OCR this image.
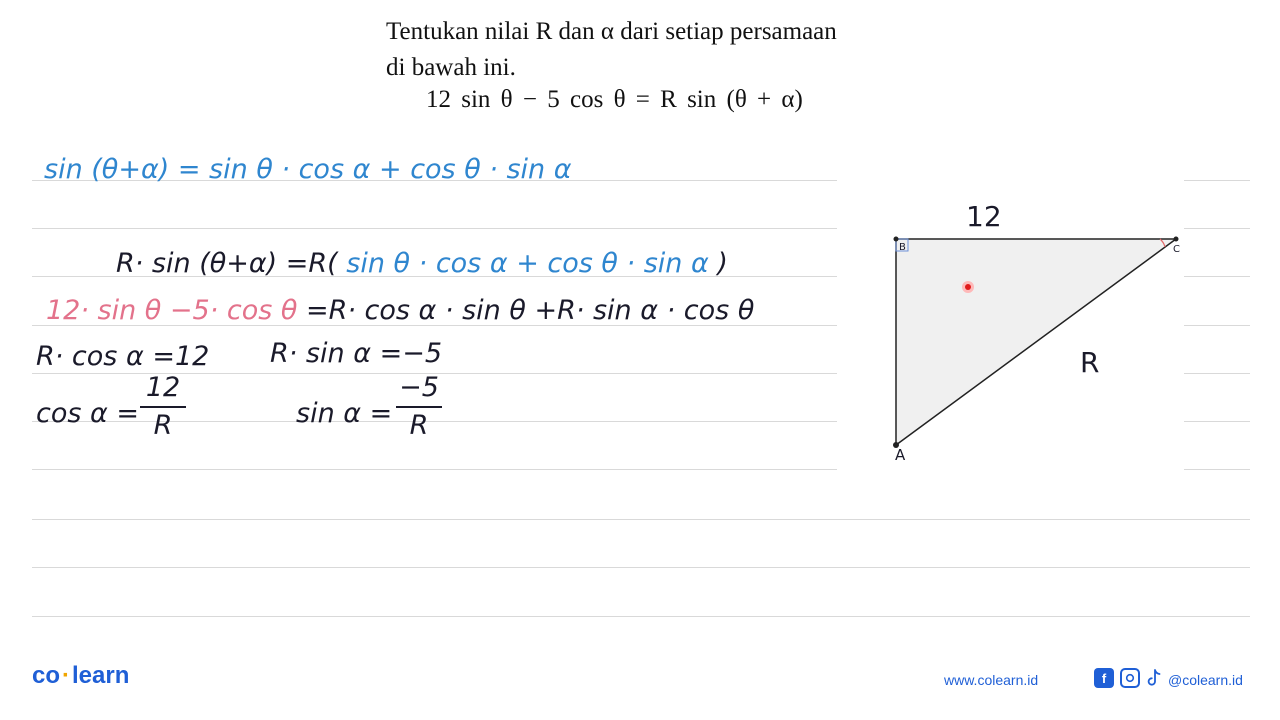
Tentukan nilai R dan α dari setiap persamaan
di bawah ini.
12 sin θ − 5 cos θ = R sin (θ + α)
sin (θ+α) = sin θ · cos α + cos θ · sin α
R· sin (θ+α) =R( sin θ · cos α + cos θ · sin α )
12· sin θ −5· cos θ =R· cos α · sin θ +R· sin α · cos θ
R· cos α =12 R· sin α =−5
cos α =
12
R	sin α =
−5
R
12
R
B	C
A
co·learn	www.colearn.id	f	@colearn.id
